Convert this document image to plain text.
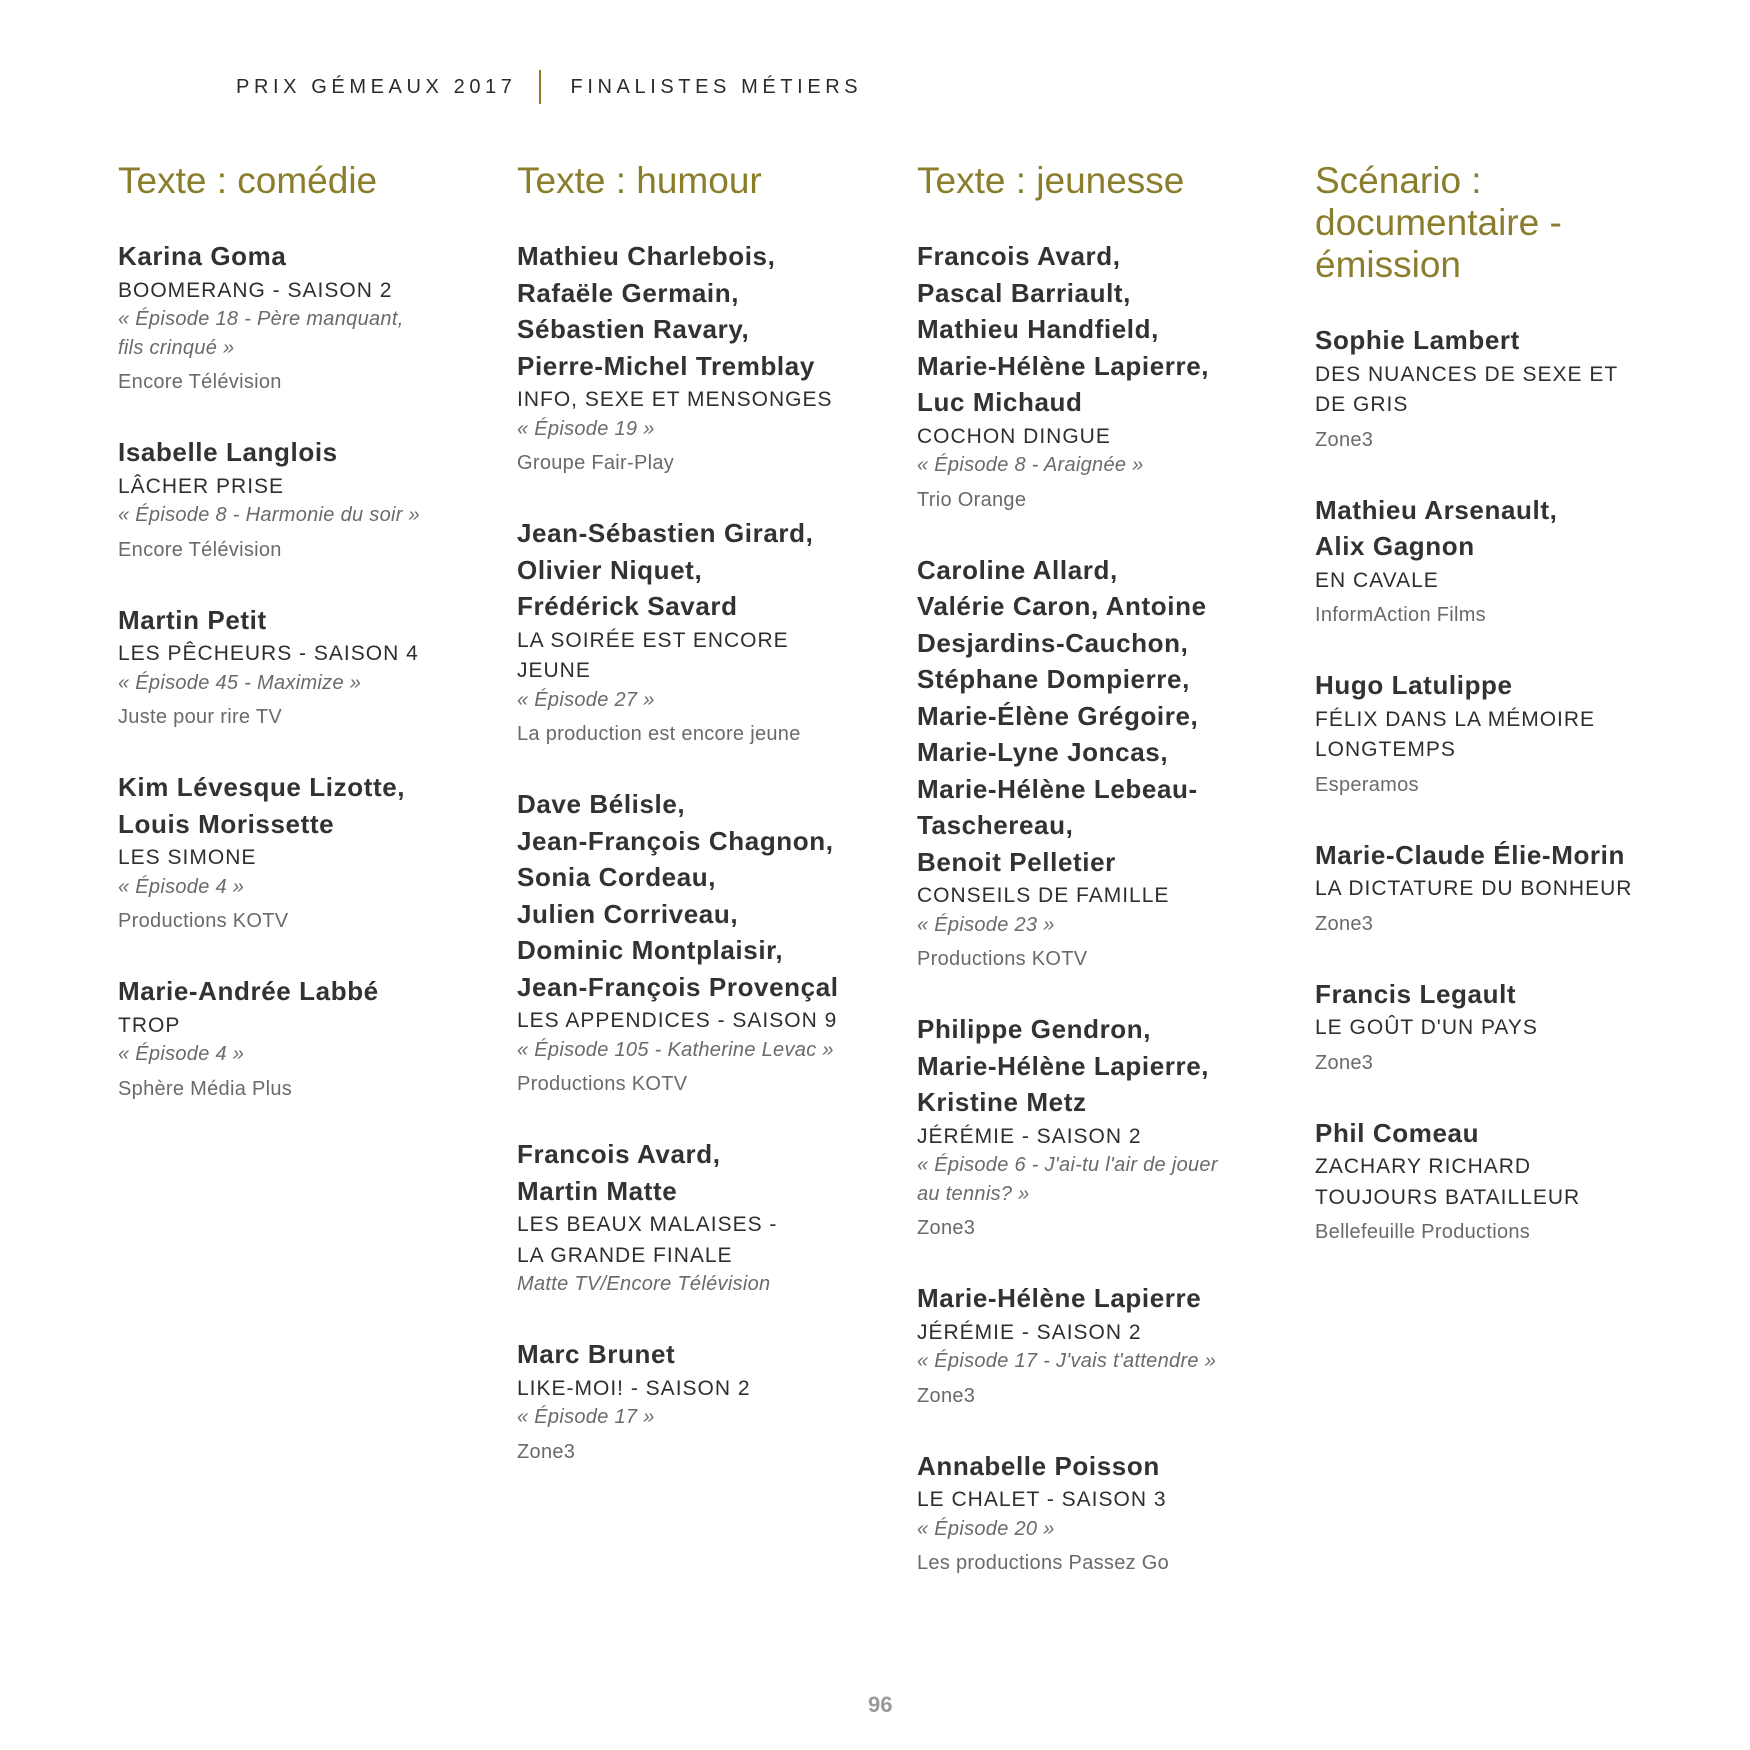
PRIX GÉMEAUX 2017	FINALISTES MÉTIERS
Texte : comédie
Karina Goma
BOOMERANG - SAISON 2
« Épisode 18 - Père manquant,
fils crinqué »
Encore Télévision
Isabelle Langlois
LÂCHER PRISE
« Épisode 8 - Harmonie du soir »
Encore Télévision
Martin Petit
LES PÊCHEURS - SAISON 4
« Épisode 45 - Maximize »
Juste pour rire TV
Kim Lévesque Lizotte,
Louis Morissette
LES SIMONE
« Épisode 4 »
Productions KOTV
Marie-Andrée Labbé
TROP
« Épisode 4 »
Sphère Média Plus
Texte : humour
Mathieu Charlebois,
Rafaële Germain,
Sébastien Ravary,
Pierre-Michel Tremblay
INFO, SEXE ET MENSONGES
« Épisode 19 »
Groupe Fair-Play
Jean-Sébastien Girard,
Olivier Niquet,
Frédérick Savard
LA SOIRÉE EST ENCORE
JEUNE
« Épisode 27 »
La production est encore jeune
Dave Bélisle,
Jean-François Chagnon,
Sonia Cordeau,
Julien Corriveau,
Dominic Montplaisir,
Jean-François Provençal
LES APPENDICES - SAISON 9
« Épisode 105 - Katherine Levac »
Productions KOTV
Francois Avard,
Martin Matte
LES BEAUX MALAISES -
LA GRANDE FINALE
Matte TV/Encore Télévision
Marc Brunet
LIKE-MOI! - SAISON 2
« Épisode 17 »
Zone3
Texte : jeunesse
Francois Avard,
Pascal Barriault,
Mathieu Handfield,
Marie-Hélène Lapierre,
Luc Michaud
COCHON DINGUE
« Épisode 8 - Araignée »
Trio Orange
Caroline Allard,
Valérie Caron, Antoine
Desjardins-Cauchon,
Stéphane Dompierre,
Marie-Élène Grégoire,
Marie-Lyne Joncas,
Marie-Hélène Lebeau-
Taschereau,
Benoit Pelletier
CONSEILS DE FAMILLE
« Épisode 23 »
Productions KOTV
Philippe Gendron,
Marie-Hélène Lapierre,
Kristine Metz
JÉRÉMIE - SAISON 2
« Épisode 6 - J'ai-tu l'air de jouer
au tennis? »
Zone3
Marie-Hélène Lapierre
JÉRÉMIE - SAISON 2
« Épisode 17 - J'vais t'attendre »
Zone3
Annabelle Poisson
LE CHALET - SAISON 3
« Épisode 20 »
Les productions Passez Go
Scénario :
documentaire -
émission
Sophie Lambert
DES NUANCES DE SEXE ET
DE GRIS
Zone3
Mathieu Arsenault,
Alix Gagnon
EN CAVALE
InformAction Films
Hugo Latulippe
FÉLIX DANS LA MÉMOIRE
LONGTEMPS
Esperamos
Marie-Claude Élie-Morin
LA DICTATURE DU BONHEUR
Zone3
Francis Legault
LE GOÛT D'UN PAYS
Zone3
Phil Comeau
ZACHARY RICHARD
TOUJOURS BATAILLEUR
Bellefeuille Productions
96
